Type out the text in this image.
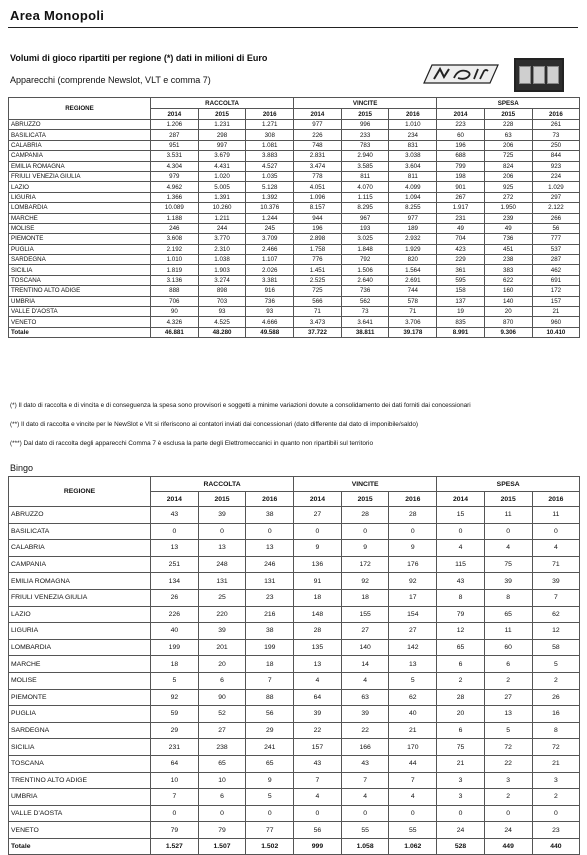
Area Monopoli
Volumi di gioco ripartiti per regione (*) dati in milioni di Euro
Apparecchi (comprende Newslot, VLT e comma 7)
REGIONE	RACCOLTA			VINCITE			SPESA		
	2014	2015	2016	2014	2015	2016	2014	2015	2016
ABRUZZO	1.206	1.231	1.271	977	996	1.010	223	228	261
BASILICATA	287	298	308	226	233	234	60	63	73
CALABRIA	951	997	1.081	748	783	831	196	206	250
CAMPANIA	3.531	3.679	3.883	2.831	2.940	3.038	688	725	844
EMILIA ROMAGNA	4.304	4.431	4.527	3.474	3.585	3.604	799	824	923
FRIULI VENEZIA GIULIA	979	1.020	1.035	778	811	811	198	206	224
LAZIO	4.962	5.005	5.128	4.051	4.070	4.099	901	925	1.029
LIGURIA	1.366	1.391	1.392	1.096	1.115	1.094	267	272	297
LOMBARDIA	10.089	10.260	10.376	8.157	8.295	8.255	1.917	1.950	2.122
MARCHE	1.188	1.211	1.244	944	967	977	231	239	266
MOLISE	246	244	245	196	193	189	49	49	56
PIEMONTE	3.608	3.770	3.709	2.898	3.025	2.932	704	736	777
PUGLIA	2.192	2.310	2.466	1.758	1.848	1.929	423	451	537
SARDEGNA	1.010	1.038	1.107	776	792	820	229	238	287
SICILIA	1.819	1.903	2.026	1.451	1.506	1.564	361	383	462
TOSCANA	3.136	3.274	3.381	2.525	2.640	2.691	595	622	691
TRENTINO ALTO ADIGE	888	898	916	725	736	744	158	160	172
UMBRIA	706	703	736	566	562	578	137	140	157
VALLE D'AOSTA	90	93	93	71	73	71	19	20	21
VENETO	4.326	4.525	4.666	3.473	3.641	3.706	835	870	960
Totale	46.881	48.280	49.588	37.722	38.811	39.178	8.991	9.306	10.410
(*) Il dato di raccolta e di vincita e di conseguenza la spesa sono provvisori e soggetti a minime variazioni dovute a consolidamento dei dati forniti dai concessionari
(**) Il dato di raccolta e vincite per le NewSlot e Vlt si riferiscono ai contatori inviati dai concessionari (dato differente dal dato di imponibile/saldo)
(***) Dal dato di raccolta degli apparecchi Comma 7 è esclusa la parte degli Elettromeccanici in quanto non ripartibili sul territorio
Bingo
REGIONE	RACCOLTA			VINCITE			SPESA		
	2014	2015	2016	2014	2015	2016	2014	2015	2016
ABRUZZO	43	39	38	27	28	28	15	11	11
BASILICATA	0	0	0	0	0	0	0	0	0
CALABRIA	13	13	13	9	9	9	4	4	4
CAMPANIA	251	248	246	136	172	176	115	75	71
EMILIA ROMAGNA	134	131	131	91	92	92	43	39	39
FRIULI VENEZIA GIULIA	26	25	23	18	18	17	8	8	7
LAZIO	226	220	216	148	155	154	79	65	62
LIGURIA	40	39	38	28	27	27	12	11	12
LOMBARDIA	199	201	199	135	140	142	65	60	58
MARCHE	18	20	18	13	14	13	6	6	5
MOLISE	5	6	7	4	4	5	2	2	2
PIEMONTE	92	90	88	64	63	62	28	27	26
PUGLIA	59	52	56	39	39	40	20	13	16
SARDEGNA	29	27	29	22	22	21	6	5	8
SICILIA	231	238	241	157	166	170	75	72	72
TOSCANA	64	65	65	43	43	44	21	22	21
TRENTINO ALTO ADIGE	10	10	9	7	7	7	3	3	3
UMBRIA	7	6	5	4	4	4	3	2	2
VALLE D'AOSTA	0	0	0	0	0	0	0	0	0
VENETO	79	79	77	56	55	55	24	24	23
Totale	1.527	1.507	1.502	999	1.058	1.062	528	449	440
